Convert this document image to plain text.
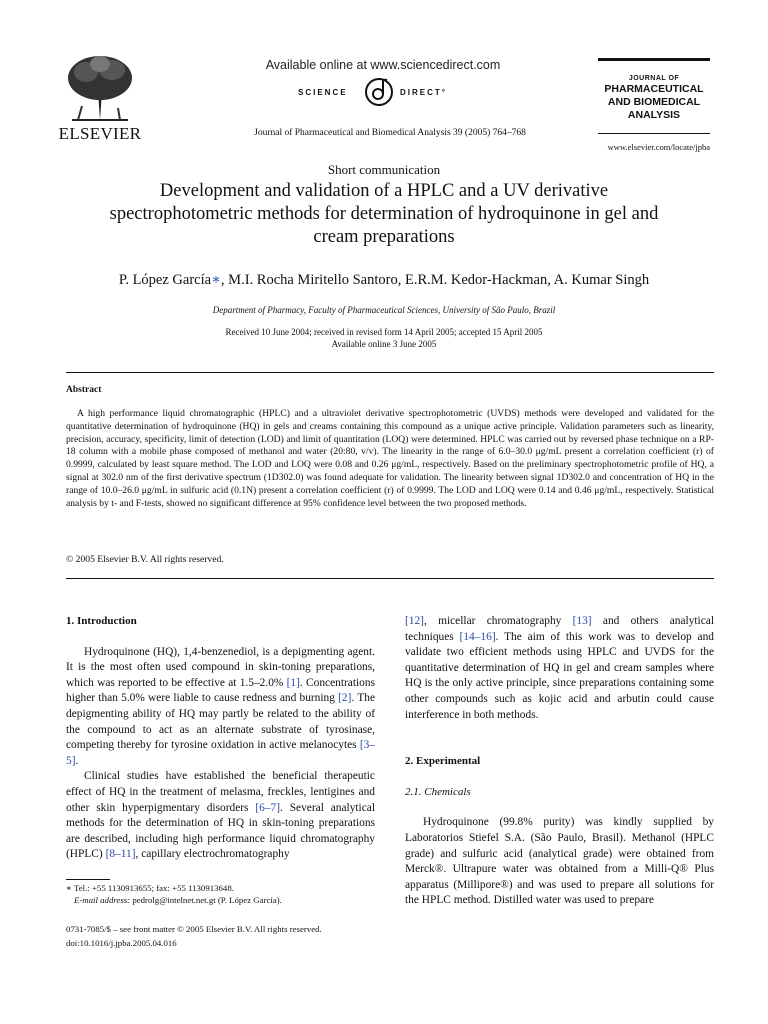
ELSEVIER
Available online at www.sciencedirect.com
SCIENCE	DIRECT°
Journal of Pharmaceutical and Biomedical Analysis 39 (2005) 764–768
JOURNAL OF
PHARMACEUTICAL
AND BIOMEDICAL
ANALYSIS
www.elsevier.com/locate/jpba
Short communication
Development and validation of a HPLC and a UV derivative spectrophotometric methods for determination of hydroquinone in gel and cream preparations
P. López García∗, M.I. Rocha Miritello Santoro, E.R.M. Kedor-Hackman, A. Kumar Singh
Department of Pharmacy, Faculty of Pharmaceutical Sciences, University of São Paulo, Brazil
Received 10 June 2004; received in revised form 14 April 2005; accepted 15 April 2005
Available online 3 June 2005
Abstract

A high performance liquid chromatographic (HPLC) and a ultraviolet derivative spectrophotometric (UVDS) methods were developed and validated for the quantitative determination of hydroquinone (HQ) in gels and creams containing this compound as a unique active principle. Validation parameters such as linearity, precision, accuracy, specificity, limit of detection (LOD) and limit of quantitation (LOQ) were determined. HPLC was carried out by reversed phase technique on a RP-18 column with a mobile phase composed of methanol and water (20:80, v/v). The linearity in the range of 6.0–30.0 μg/mL present a correlation coefficient (r) of 0.9999, calculated by least square method. The LOD and LOQ were 0.08 and 0.26 μg/mL, respectively. Based on the preliminary spectrophotometric profile of HQ, a signal at 302.0 nm of the first derivative spectrum (1D302.0) was found adequate for validation. The linearity between signal 1D302.0 and concentration of HQ in the range of 10.0–26.0 μg/mL in sulfuric acid (0.1N) present a correlation coefficient (r) of 0.9999. The LOD and LOQ were 0.14 and 0.46 μg/mL, respectively. Statistical analysis by t- and F-tests, showed no significant difference at 95% confidence level between the two proposed methods.

© 2005 Elsevier B.V. All rights reserved.
1. Introduction

Hydroquinone (HQ), 1,4-benzenediol, is a depigmenting agent. It is the most often used compound in skin-toning preparations, which was reported to be effective at 1.5–2.0% [1]. Concentrations higher than 5.0% were liable to cause redness and burning [2]. The depigmenting ability of HQ may partly be related to the ability of the compound to act as an alternate substrate of tyrosinase, competing thereby for tyrosine oxidation in active melanocytes [3–5].

Clinical studies have established the beneficial therapeutic effect of HQ in the treatment of melasma, freckles, lentigines and other skin hyperpigmentary disorders [6–7]. Several analytical methods for the determination of HQ in skin-toning preparations are described, including high performance liquid chromatography (HPLC) [8–11], capillary electrochromatography

∗ Tel.: +55 1130913655; fax: +55 1130913648.
E-mail address: pedrolg@intelnet.net.gt (P. López García).
0731-7085/$ – see front matter © 2005 Elsevier B.V. All rights reserved.
doi:10.1016/j.jpba.2005.04.016

[12], micellar chromatography [13] and others analytical techniques [14–16]. The aim of this work was to develop and validate two efficient methods using HPLC and UVDS for the quantitative determination of HQ in gel and cream samples where HQ is the only active principle, since preparations containing some other compounds such as kojic acid and arbutin could cause interference in both methods.

2. Experimental
2.1. Chemicals

Hydroquinone (99.8% purity) was kindly supplied by Laboratorios Stiefel S.A. (São Paulo, Brasil). Methanol (HPLC grade) and sulfuric acid (analytical grade) were obtained from Merck®. Ultrapure water was obtained from a Milli-Q® Plus apparatus (Millipore®) and was used to prepare all solutions for the HPLC method. Distilled water was used to prepare
